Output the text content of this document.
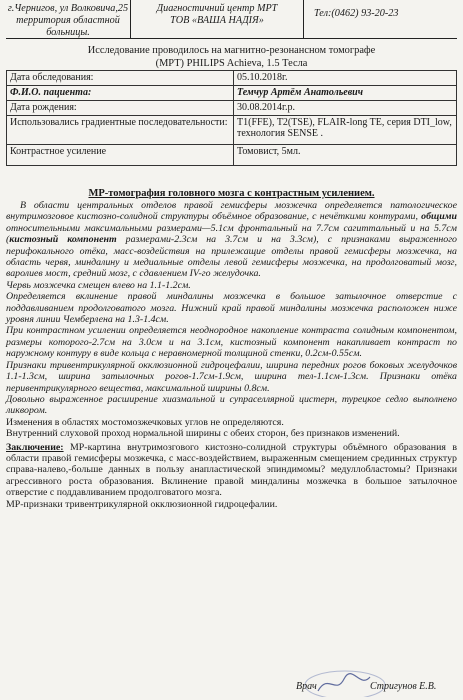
г.Чернигов, ул Волковича,25
территория областной больницы.
Диагностичний центр МРТ
ТОВ «ВАША НАДІЯ»
Тел:(0462) 93-20-23
Исследование проводилось на магнитно-резонансном томографе
(МРТ) PHILIPS Achieva, 1.5 Тесла
Дата обследования:	05.10.2018г.
Ф.И.О. пациента:	Темчур Артём Анатольевич
Дата рождения:	30.08.2014г.р.
Использовались градиентные последовательности:	T1(FFE), T2(TSE), FLAIR-long TE, серия DTI_low, технология SENSE .
Контрастное усиление	Томовист, 5мл.
МР-томография головного мозга с контрастным усилением.

В области центральных отделов правой гемисферы мозжечка определяется патологическое внутримозговое кистозно-солидной структуры объёмное образование, с нечёткими контурами, общими относительными максимальными размерами—5.1см фронтальный на 7.7см сагиттальный и на 5.7см (кистозный компонент размерами-2.3см на 3.7см и на 3.3см), с признаками выраженного перифокального отёка, масс-воздействия на прилежащие отделы правой гемисферы мозжечка, на область червя, миндалину и медиальные отделы левой гемисферы мозжечка, на продолговатый мозг, варолиев мост, средний мозг, с сдавлением IV-го желудочка.

Червь мозжечка смещен влево на 1.1-1.2см.

Определяется вклинение правой миндалины мозжечка в большое затылочное отверстие с поддавливанием продолговатого мозга. Нижний край правой миндалины мозжечка расположен ниже уровня линии Чемберлена на 1.3-1.4см.

При контрастном усилении определяется неоднородное накопление контраста солидным компонентом, размеры которого-2.7см на 3.0см и на 3.1см, кистозный компонент накапливает контраст по наружному контуру в виде кольца с неравномерной толщиной стенки, 0.2см-0.55см.

Признаки тривентрикулярной окклюзионной гидроцефалии, ширина передних рогов боковых желудочков 1.1-1.3см, ширина затылочных рогов-1.7см-1.9см, ширина тел-1.1см-1.3см. Признаки отёка перивентрикулярного вещества, максимальной ширины 0.8см.

Довольно выраженное расширение хиазмальной и супраселлярной цистерн, турецкое седло выполнено ликвором.

Изменения в областях мостомозжечковых углов не определяются.

Внутренний слуховой проход нормальной ширины с обеих сторон, без признаков изменений.

Заключение: МР-картина внутримозгового кистозно-солидной структуры объёмного образования в области правой гемисферы мозжечка, с масс-воздействием, выраженным смещением срединных структур справа-налево,-больше данных в пользу анапластической эпиндимомы? медуллобластомы? Признаки агрессивного роста образования. Вклинение правой миндалины мозжечка в большое затылочное отверстие с поддавливанием продолговатого мозга.

МР-признаки тривентрикулярной окклюзионной гидроцефалии.

Врач	Стригунов Е.В.
